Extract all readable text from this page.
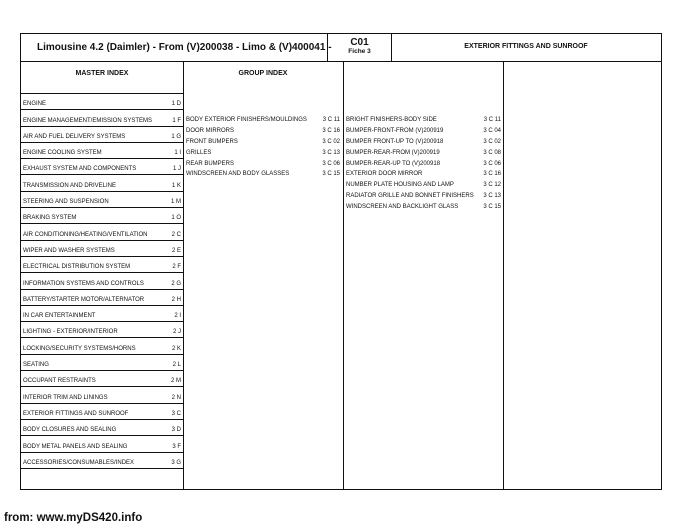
Limousine 4.2 (Daimler) - From (V)200038 - Limo & (V)400041 -	C01
Fiche 3
EXTERIOR FITTINGS AND SUNROOF
MASTER INDEX	GROUP INDEX
ENGINE	1 D
ENGINE MANAGEMENT/EMISSION SYSTEMS	1 F
AIR AND FUEL DELIVERY SYSTEMS	1 G
ENGINE COOLING SYSTEM	1 I
EXHAUST SYSTEM AND COMPONENTS	1 J
TRANSMISSION AND DRIVELINE	1 K
STEERING AND SUSPENSION	1 M
BRAKING SYSTEM	1 O
AIR CONDITIONING/HEATING/VENTILATION	2 C
WIPER AND WASHER SYSTEMS	2 E
ELECTRICAL DISTRIBUTION SYSTEM	2 F
INFORMATION SYSTEMS AND CONTROLS	2 G
BATTERY/STARTER MOTOR/ALTERNATOR	2 H
IN CAR ENTERTAINMENT	2 I
LIGHTING - EXTERIOR/INTERIOR	2 J
LOCKING/SECURITY SYSTEMS/HORNS	2 K
SEATING	2 L
OCCUPANT RESTRAINTS	2 M
INTERIOR TRIM AND LININGS	2 N
EXTERIOR FITTINGS AND SUNROOF	3 C
BODY CLOSURES AND SEALING	3 D
BODY METAL PANELS AND SEALING	3 F
ACCESSORIES/CONSUMABLES/INDEX	3 G
BODY EXTERIOR FINISHERS/MOULDINGS	3 C 11
DOOR MIRRORS	3 C 16
FRONT BUMPERS	3 C 02
GRILLES	3 C 13
REAR BUMPERS	3 C 06
WINDSCREEN AND BODY GLASSES	3 C 15
BRIGHT FINISHERS-BODY SIDE	3 C 11
BUMPER-FRONT-FROM (V)200919	3 C 04
BUMPER FRONT-UP TO (V)200918	3 C 02
BUMPER-REAR-FROM (V)200919	3 C 08
BUMPER-REAR-UP TO (V)200918	3 C 06
EXTERIOR DOOR MIRROR	3 C 16
NUMBER PLATE HOUSING AND LAMP	3 C 12
RADIATOR GRILLE AND BONNET FINISHERS 3 C 13
WINDSCREEN AND BACKLIGHT GLASS	3 C 15
from: www.myDS420.info
